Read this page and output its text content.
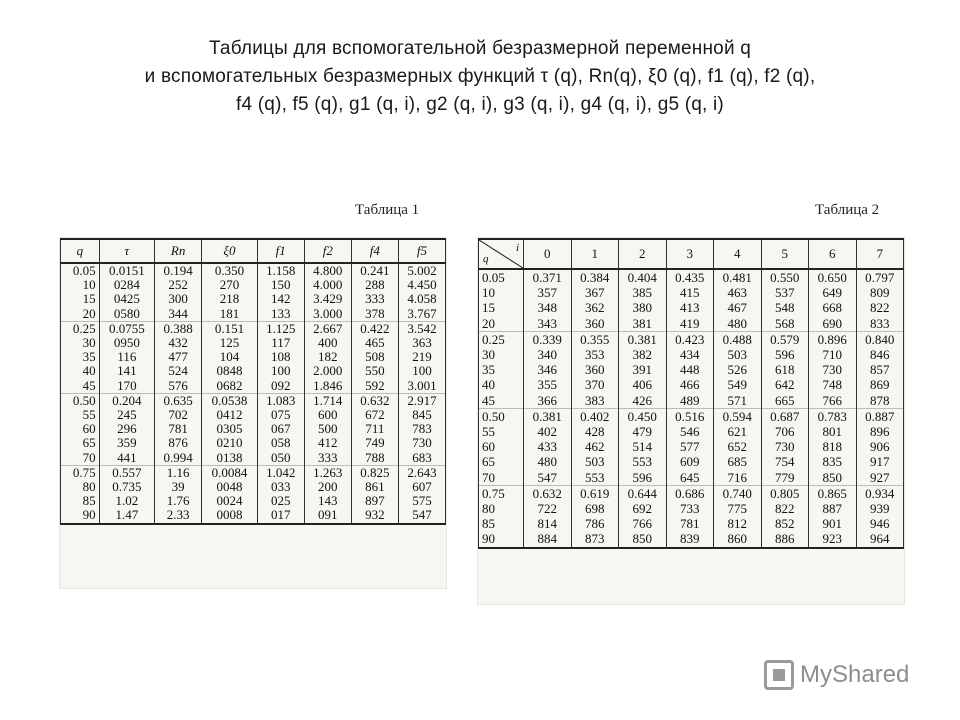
Таблицы для вспомогательной безразмерной переменной q
и вспомогательных безразмерных функций τ (q), Rn(q), ξ0 (q), f1 (q), f2 (q),
f4 (q), f5 (q), g1 (q, i), g2 (q, i), g3 (q, i), g4 (q, i), g5 (q, i)
Таблица 1	Таблица 2
q	τ	Rn	ξ0	f1	f2	f4	f5
0.05	0.0151	0.194	0.350	1.158	4.800	0.241	5.002
10	0284	252	270	150	4.000	288	4.450
15	0425	300	218	142	3.429	333	4.058
20	0580	344	181	133	3.000	378	3.767
0.25	0.0755	0.388	0.151	1.125	2.667	0.422	3.542
30	0950	432	125	117	400	465	363
35	116	477	104	108	182	508	219
40	141	524	0848	100	2.000	550	100
45	170	576	0682	092	1.846	592	3.001
0.50	0.204	0.635	0.0538	1.083	1.714	0.632	2.917
55	245	702	0412	075	600	672	845
60	296	781	0305	067	500	711	783
65	359	876	0210	058	412	749	730
70	441	0.994	0138	050	333	788	683
0.75	0.557	1.16	0.0084	1.042	1.263	0.825	2.643
80	0.735	39	0048	033	200	861	607
85	1.02	1.76	0024	025	143	897	575
90	1.47	2.33	0008	017	091	932	547
i
q	0	1	2	3	4	5	6	7
0.05	0.371	0.384	0.404	0.435	0.481	0.550	0.650	0.797
10	357	367	385	415	463	537	649	809
15	348	362	380	413	467	548	668	822
20	343	360	381	419	480	568	690	833
0.25	0.339	0.355	0.381	0.423	0.488	0.579	0.896	0.840
30	340	353	382	434	503	596	710	846
35	346	360	391	448	526	618	730	857
40	355	370	406	466	549	642	748	869
45	366	383	426	489	571	665	766	878
0.50	0.381	0.402	0.450	0.516	0.594	0.687	0.783	0.887
55	402	428	479	546	621	706	801	896
60	433	462	514	577	652	730	818	906
65	480	503	553	609	685	754	835	917
70	547	553	596	645	716	779	850	927
0.75	0.632	0.619	0.644	0.686	0.740	0.805	0.865	0.934
80	722	698	692	733	775	822	887	939
85	814	786	766	781	812	852	901	946
90	884	873	850	839	860	886	923	964
MyShared
